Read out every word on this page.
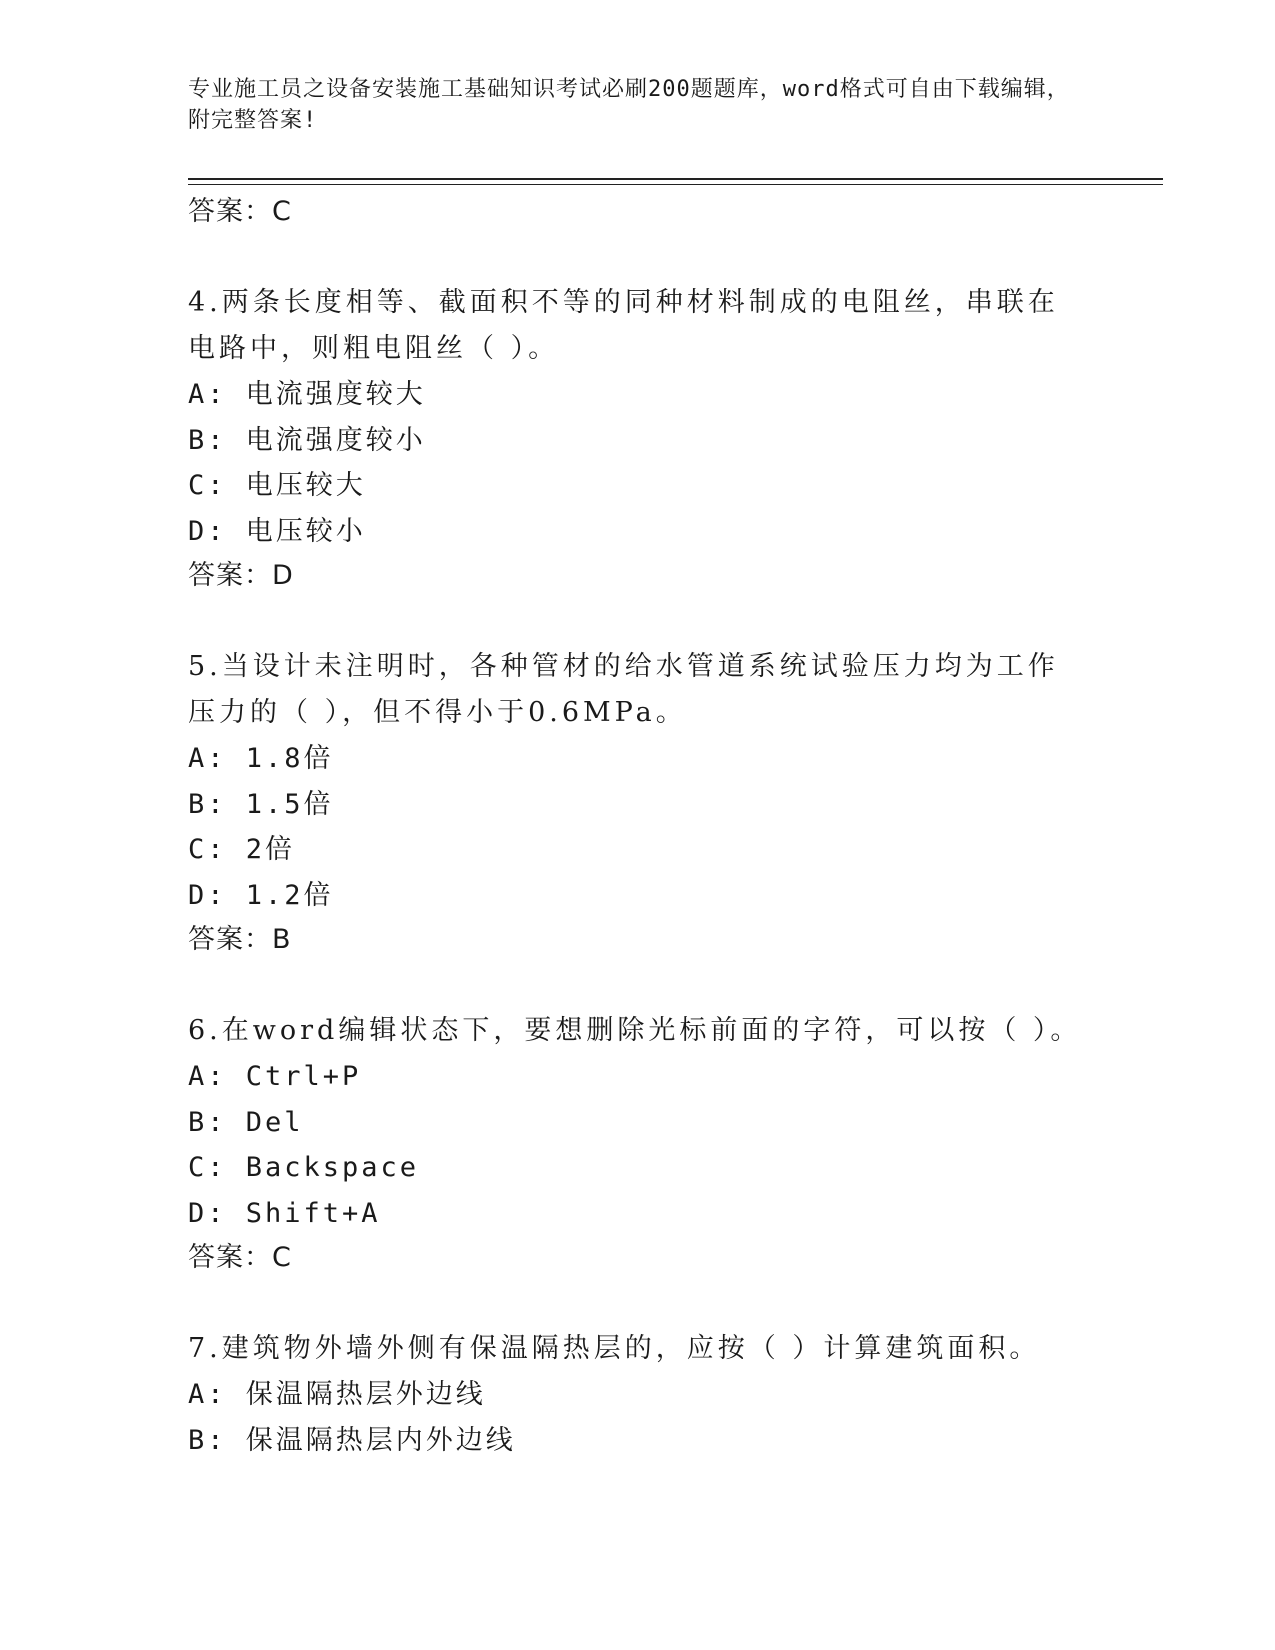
专业施工员之设备安装施工基础知识考试必刷200题题库，word格式可自由下载编辑，附完整答案!
答案：C
4.两条长度相等、截面积不等的同种材料制成的电阻丝，串联在电路中，则粗电阻丝（ ）。
A: 电流强度较大
B: 电流强度较小
C: 电压较大
D: 电压较小
答案：D
5.当设计未注明时，各种管材的给水管道系统试验压力均为工作压力的（ ），但不得小于0.6MPa。
A: 1.8倍
B: 1.5倍
C: 2倍
D: 1.2倍
答案：B
6.在word编辑状态下，要想删除光标前面的字符，可以按（ ）。
A: Ctrl+P
B: Del
C: Backspace
D: Shift+A
答案：C
7.建筑物外墙外侧有保温隔热层的，应按（ ）计算建筑面积。
A: 保温隔热层外边线
B: 保温隔热层内外边线
